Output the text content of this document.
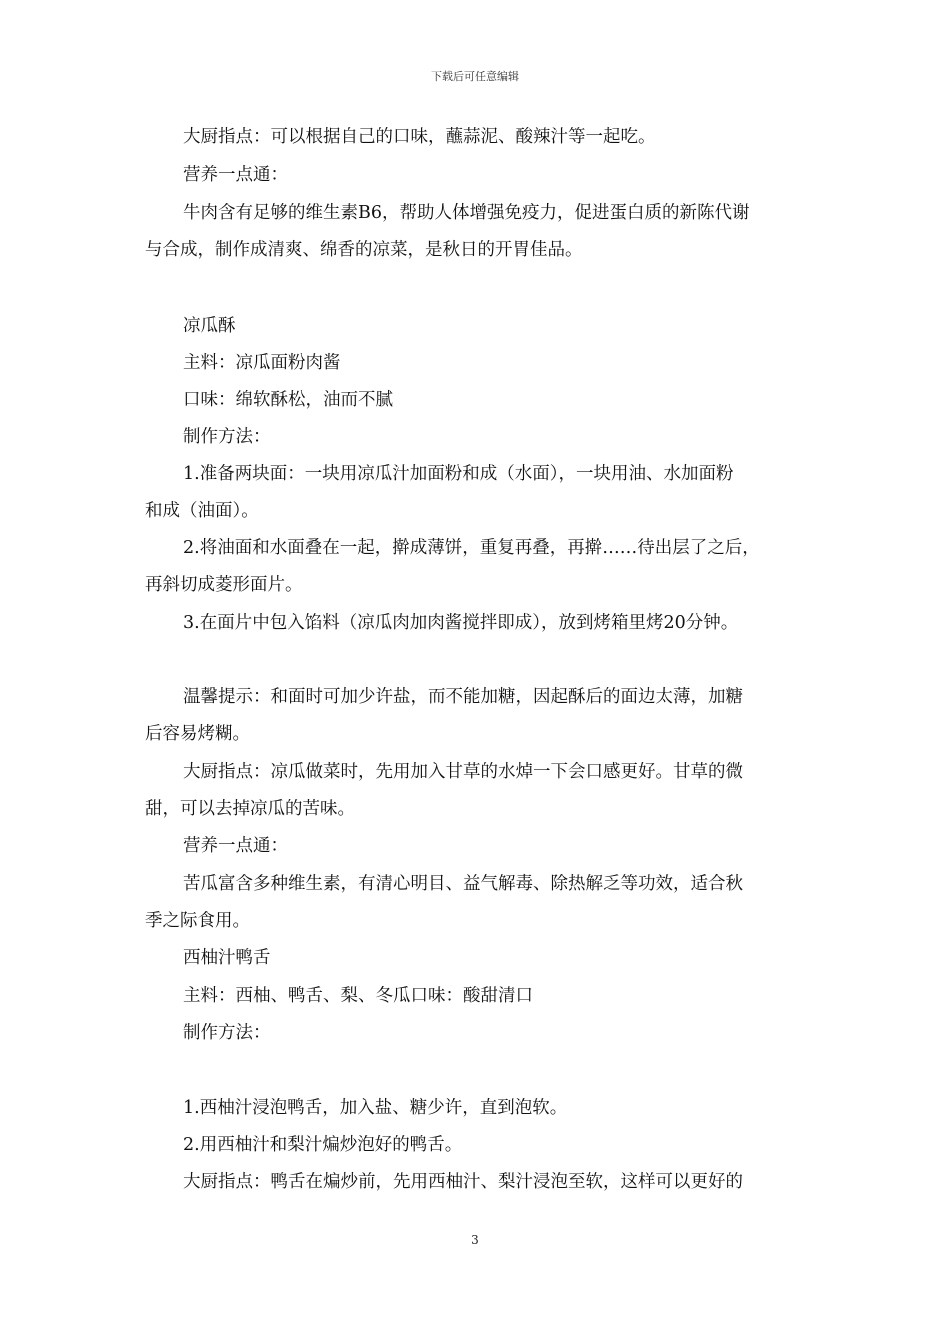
下载后可任意编辑
大厨指点：可以根据自己的口味，蘸蒜泥、酸辣汁等一起吃。
营养一点通：
牛肉含有足够的维生素B6，帮助人体增强免疫力，促进蛋白质的新陈代谢
与合成，制作成清爽、绵香的凉菜，是秋日的开胃佳品。
凉瓜酥
主料：凉瓜面粉肉酱
口味：绵软酥松，油而不腻
制作方法：
1.准备两块面：一块用凉瓜汁加面粉和成（水面），一块用油、水加面粉
和成（油面）。
2.将油面和水面叠在一起，擀成薄饼，重复再叠，再擀……待出层了之后，
再斜切成菱形面片。
3.在面片中包入馅料（凉瓜肉加肉酱搅拌即成），放到烤箱里烤20分钟。
温馨提示：和面时可加少许盐，而不能加糖，因起酥后的面边太薄，加糖
后容易烤糊。
大厨指点：凉瓜做菜时，先用加入甘草的水焯一下会口感更好。甘草的微
甜，可以去掉凉瓜的苦味。
营养一点通：
苦瓜富含多种维生素，有清心明目、益气解毒、除热解乏等功效，适合秋
季之际食用。
西柚汁鸭舌
主料：西柚、鸭舌、梨、冬瓜口味：酸甜清口
制作方法：
1.西柚汁浸泡鸭舌，加入盐、糖少许，直到泡软。
2.用西柚汁和梨汁煸炒泡好的鸭舌。
大厨指点：鸭舌在煸炒前，先用西柚汁、梨汁浸泡至软，这样可以更好的
3
